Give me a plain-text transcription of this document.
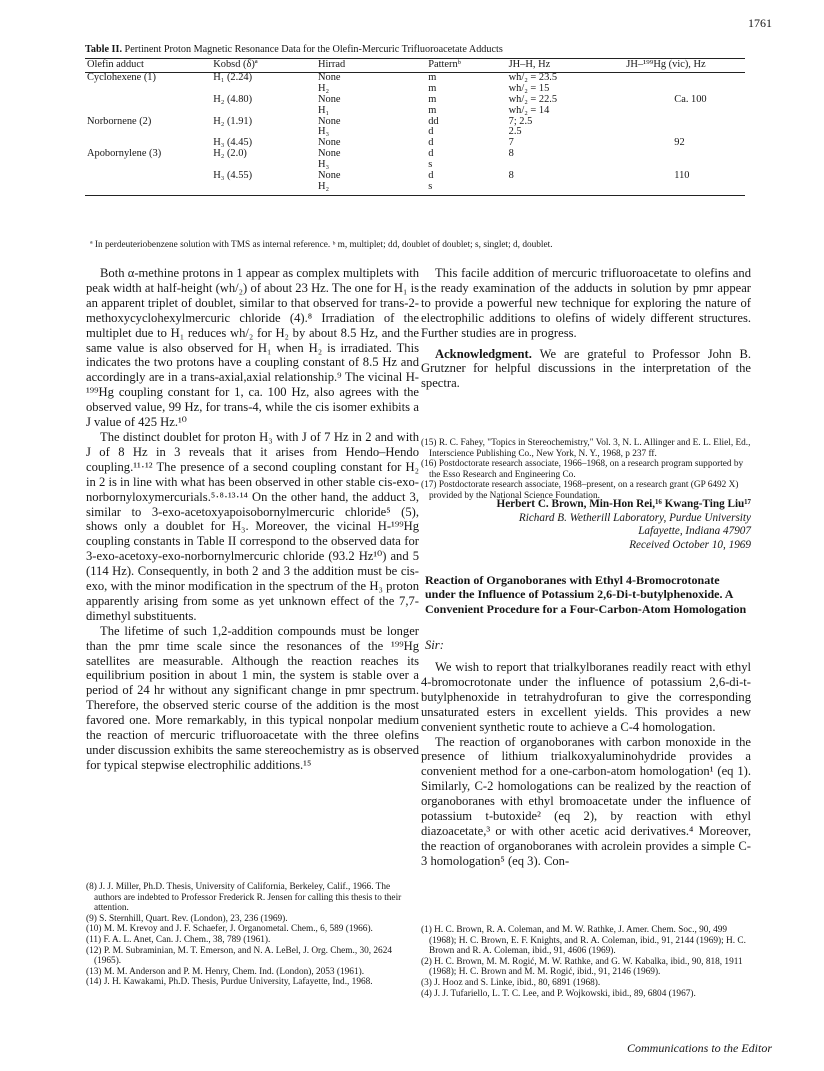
1761
Table II. Pertinent Proton Magnetic Resonance Data for the Olefin-Mercuric Trifluoroacetate Adducts
Olefin adduct	Kobsd (δ)ª	Hirrad	Patternᵇ	JH–H, Hz	JH–¹⁹⁹Hg (vic), Hz
Cyclohexene (1)	H₁ (2.24)	None	m	wh/₂ = 23.5	
		H₂	m	wh/₂ = 15	
	H₂ (4.80)	None	m	wh/₂ = 22.5	Ca. 100
		H₁	m	wh/₂ = 14	
Norbornene (2)	H₂ (1.91)	None	dd	7; 2.5	
		H₃	d	2.5	
	H₃ (4.45)	None	d	7	92
Apobornylene (3)	H₂ (2.0)	None	d	8	
		H₃	s		
	H₃ (4.55)	None	d	8	110
		H₂	s		
ª In perdeuteriobenzene solution with TMS as internal reference. ᵇ m, multiplet; dd, doublet of doublet; s, singlet; d, doublet.

Both α-methine protons in 1 appear as complex multiplets with peak width at half-height (wh/₂) of about 23 Hz. The one for H₁ is an apparent triplet of doublet, similar to that observed for trans-2-methoxycyclohexylmercuric chloride (4).⁸ Irradiation of the multiplet due to H₁ reduces wh/₂ for H₂ by about 8.5 Hz, and the same value is also observed for H₁ when H₂ is irradiated. This indicates the two protons have a coupling constant of 8.5 Hz and accordingly are in a trans-axial,axial relationship.⁹ The vicinal H-¹⁹⁹Hg coupling constant for 1, ca. 100 Hz, also agrees with the observed value, 99 Hz, for trans-4, while the cis isomer exhibits a J value of 425 Hz.¹⁰

The distinct doublet for proton H₃ with J of 7 Hz in 2 and with J of 8 Hz in 3 reveals that it arises from Hendo–Hendo coupling.¹¹·¹² The presence of a second coupling constant for H₂ in 2 is in line with what has been observed in other stable cis-exo-norbornyloxymercurials.⁵·⁸·¹³·¹⁴ On the other hand, the adduct 3, similar to 3-exo-acetoxyapoisobornylmercuric chloride⁵ (5), shows only a doublet for H₃. Moreover, the vicinal H-¹⁹⁹Hg coupling constants in Table II correspond to the observed data for 3-exo-acetoxy-exo-norbornylmercuric chloride (93.2 Hz¹⁰) and 5 (114 Hz). Consequently, in both 2 and 3 the addition must be cis-exo, with the minor modification in the spectrum of the H₃ proton apparently arising from some as yet unknown effect of the 7,7-dimethyl substituents.

The lifetime of such 1,2-addition compounds must be longer than the pmr time scale since the resonances of the ¹⁹⁹Hg satellites are measurable. Although the reaction reaches its equilibrium position in about 1 min, the system is stable over a period of 24 hr without any significant change in pmr spectrum. Therefore, the observed steric course of the addition is the most favored one. More remarkably, in this typical nonpolar medium the reaction of mercuric trifluoroacetate with the three olefins under discussion exhibits the same stereochemistry as is observed for typical stepwise electrophilic additions.¹⁵

(8) J. J. Miller, Ph.D. Thesis, University of California, Berkeley, Calif., 1966. The authors are indebted to Professor Frederick R. Jensen for calling this thesis to their attention.

(9) S. Sternhill, Quart. Rev. (London), 23, 236 (1969).

(10) M. M. Krevoy and J. F. Schaefer, J. Organometal. Chem., 6, 589 (1966).

(11) F. A. L. Anet, Can. J. Chem., 38, 789 (1961).

(12) P. M. Subraminian, M. T. Emerson, and N. A. LeBel, J. Org. Chem., 30, 2624 (1965).

(13) M. M. Anderson and P. M. Henry, Chem. Ind. (London), 2053 (1961).

(14) J. H. Kawakami, Ph.D. Thesis, Purdue University, Lafayette, Ind., 1968.

This facile addition of mercuric trifluoroacetate to olefins and the ready examination of the adducts in solution by pmr appear to provide a powerful new technique for exploring the nature of electrophilic additions to olefins of widely different structures. Further studies are in progress.

Acknowledgment. We are grateful to Professor John B. Grutzner for helpful discussions in the interpretation of the spectra.

(15) R. C. Fahey, "Topics in Stereochemistry," Vol. 3, N. L. Allinger and E. L. Eliel, Ed., Interscience Publishing Co., New York, N. Y., 1968, p 237 ff.

(16) Postdoctorate research associate, 1966–1968, on a research program supported by the Esso Research and Engineering Co.

(17) Postdoctorate research associate, 1968–present, on a research grant (GP 6492 X) provided by the National Science Foundation.

Herbert C. Brown, Min-Hon Rei,¹⁶ Kwang-Ting Liu¹⁷
Richard B. Wetherill Laboratory, Purdue University
Lafayette, Indiana 47907
Received October 10, 1969
Reaction of Organoboranes with Ethyl 4-Bromocrotonate under the Influence of Potassium 2,6-Di-t-butylphenoxide. A Convenient Procedure for a Four-Carbon-Atom Homologation
Sir:

We wish to report that trialkylboranes readily react with ethyl 4-bromocrotonate under the influence of potassium 2,6-di-t-butylphenoxide in tetrahydrofuran to give the corresponding unsaturated esters in excellent yields. This provides a new convenient synthetic route to achieve a C-4 homologation.

The reaction of organoboranes with carbon monoxide in the presence of lithium trialkoxyaluminohydride provides a convenient method for a one-carbon-atom homologation¹ (eq 1). Similarly, C-2 homologations can be realized by the reaction of organoboranes with ethyl bromoacetate under the influence of potassium t-butoxide² (eq 2), by reaction with ethyl diazoacetate,³ or with other acetic acid derivatives.⁴ Moreover, the reaction of organoboranes with acrolein provides a simple C-3 homologation⁵ (eq 3). Con-

(1) H. C. Brown, R. A. Coleman, and M. W. Rathke, J. Amer. Chem. Soc., 90, 499 (1968); H. C. Brown, E. F. Knights, and R. A. Coleman, ibid., 91, 2144 (1969); H. C. Brown and R. A. Coleman, ibid., 91, 4606 (1969).

(2) H. C. Brown, M. M. Rogić, M. W. Rathke, and G. W. Kabalka, ibid., 90, 818, 1911 (1968); H. C. Brown and M. M. Rogić, ibid., 91, 2146 (1969).

(3) J. Hooz and S. Linke, ibid., 80, 6891 (1968).

(4) J. J. Tufariello, L. T. C. Lee, and P. Wojkowski, ibid., 89, 6804 (1967).

Communications to the Editor
